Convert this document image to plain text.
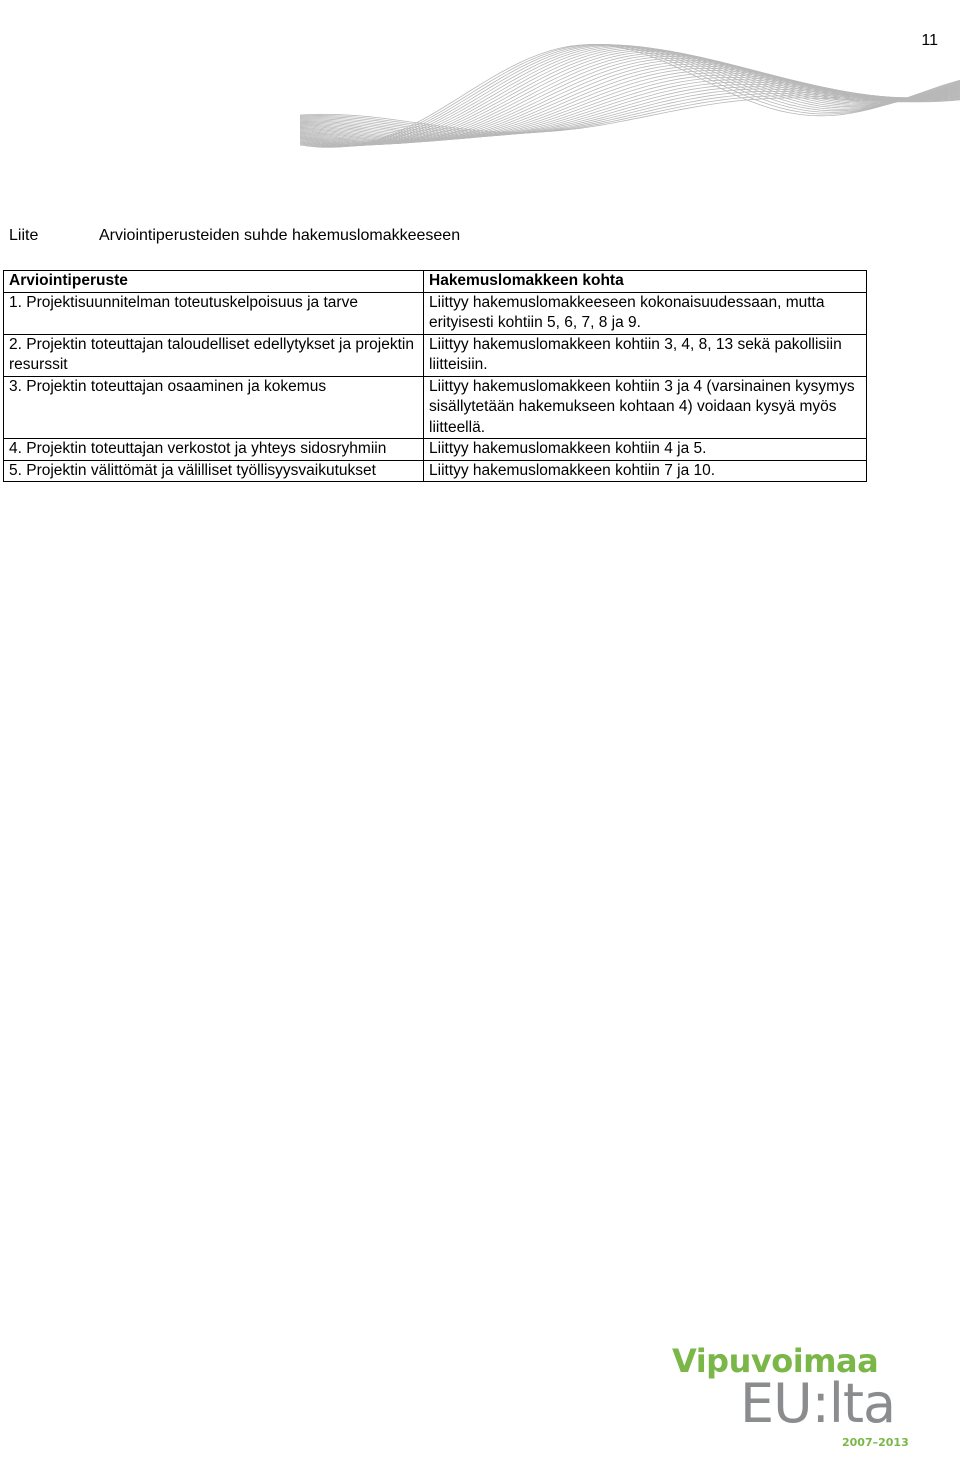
11
Liite	Arviointiperusteiden suhde hakemuslomakkeeseen
Arviointiperuste	Hakemuslomakkeen kohta
1. Projektisuunnitelman toteutuskelpoisuus ja tarve	Liittyy hakemuslomakkeeseen kokonaisuudessaan, mutta erityisesti kohtiin 5, 6, 7, 8 ja 9.
2. Projektin toteuttajan taloudelliset edellytykset ja projektin resurssit	Liittyy hakemuslomakkeen kohtiin 3, 4, 8, 13 sekä pakollisiin liitteisiin.
3. Projektin toteuttajan osaaminen ja kokemus	Liittyy hakemuslomakkeen kohtiin 3 ja 4 (varsinainen kysymys sisällytetään hakemukseen kohtaan 4) voidaan kysyä myös liitteellä.
4. Projektin toteuttajan verkostot ja yhteys sidosryhmiin	Liittyy hakemuslomakkeen kohtiin 4 ja 5.
5. Projektin välittömät ja välilliset työllisyysvaikutukset	Liittyy hakemuslomakkeen kohtiin 7 ja 10.
Vipuvoimaa
EU:lta
2007–2013
